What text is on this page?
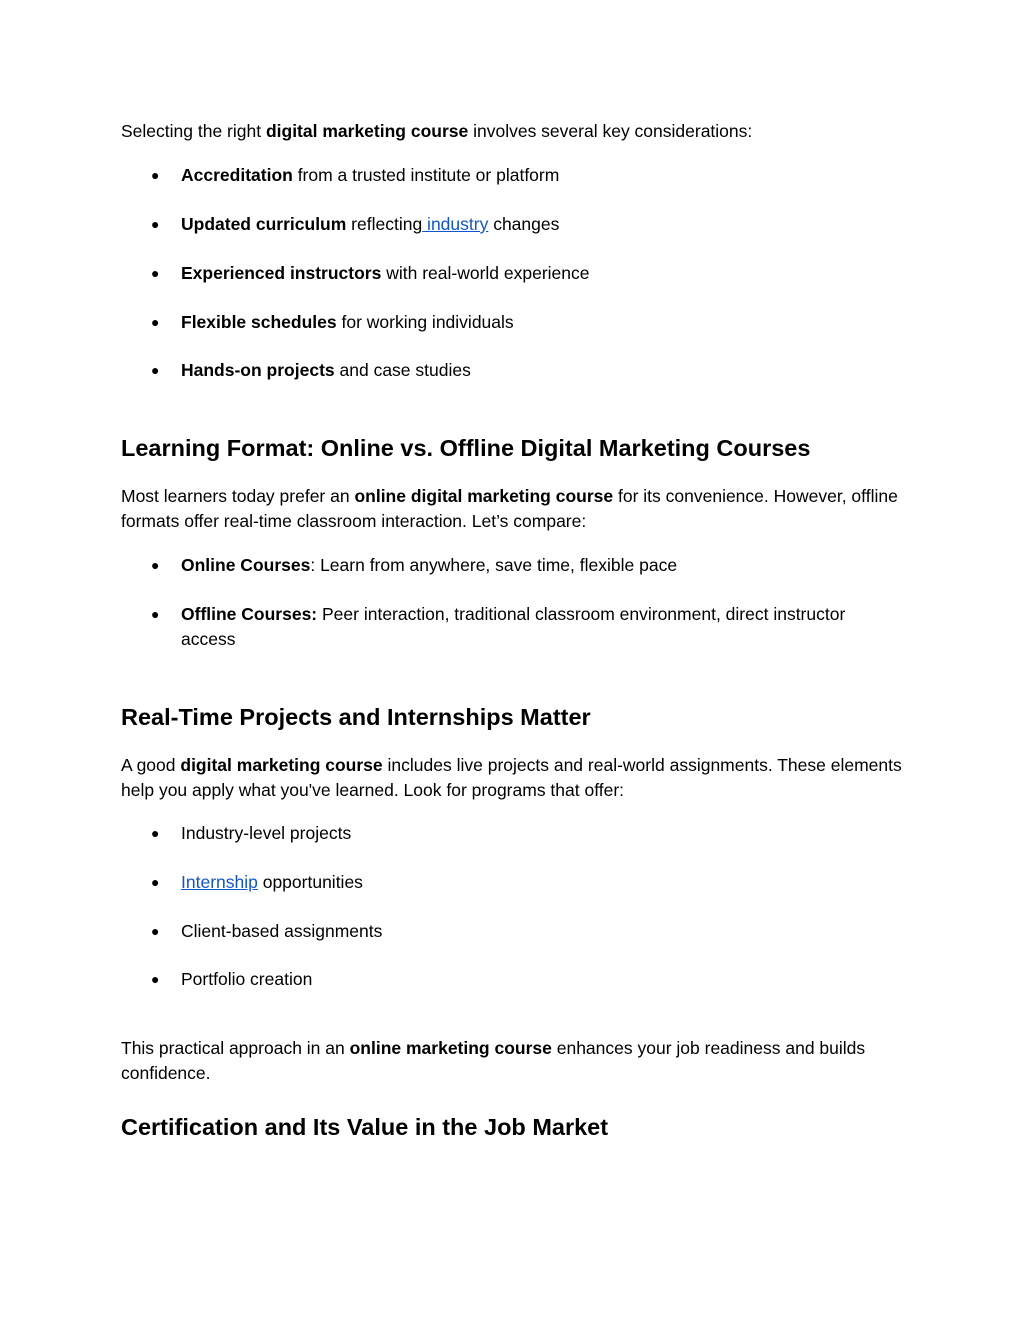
Selecting the right digital marketing course involves several key considerations:

●	Accreditation from a trusted institute or platform
●	Updated curriculum reflecting industry changes
●	Experienced instructors with real-world experience
●	Flexible schedules for working individuals
●	Hands-on projects and case studies
Learning Format: Online vs. Offline Digital Marketing Courses

Most learners today prefer an online digital marketing course for its convenience. However, offline formats offer real-time classroom interaction. Let’s compare:

●	Online Courses: Learn from anywhere, save time, flexible pace
●	Offline Courses: Peer interaction, traditional classroom environment, direct instructor access
Real-Time Projects and Internships Matter

A good digital marketing course includes live projects and real-world assignments. These elements help you apply what you've learned. Look for programs that offer:

●	Industry-level projects
●	Internship opportunities
●	Client-based assignments
●	Portfolio creation

This practical approach in an online marketing course enhances your job readiness and builds confidence.

Certification and Its Value in the Job Market
